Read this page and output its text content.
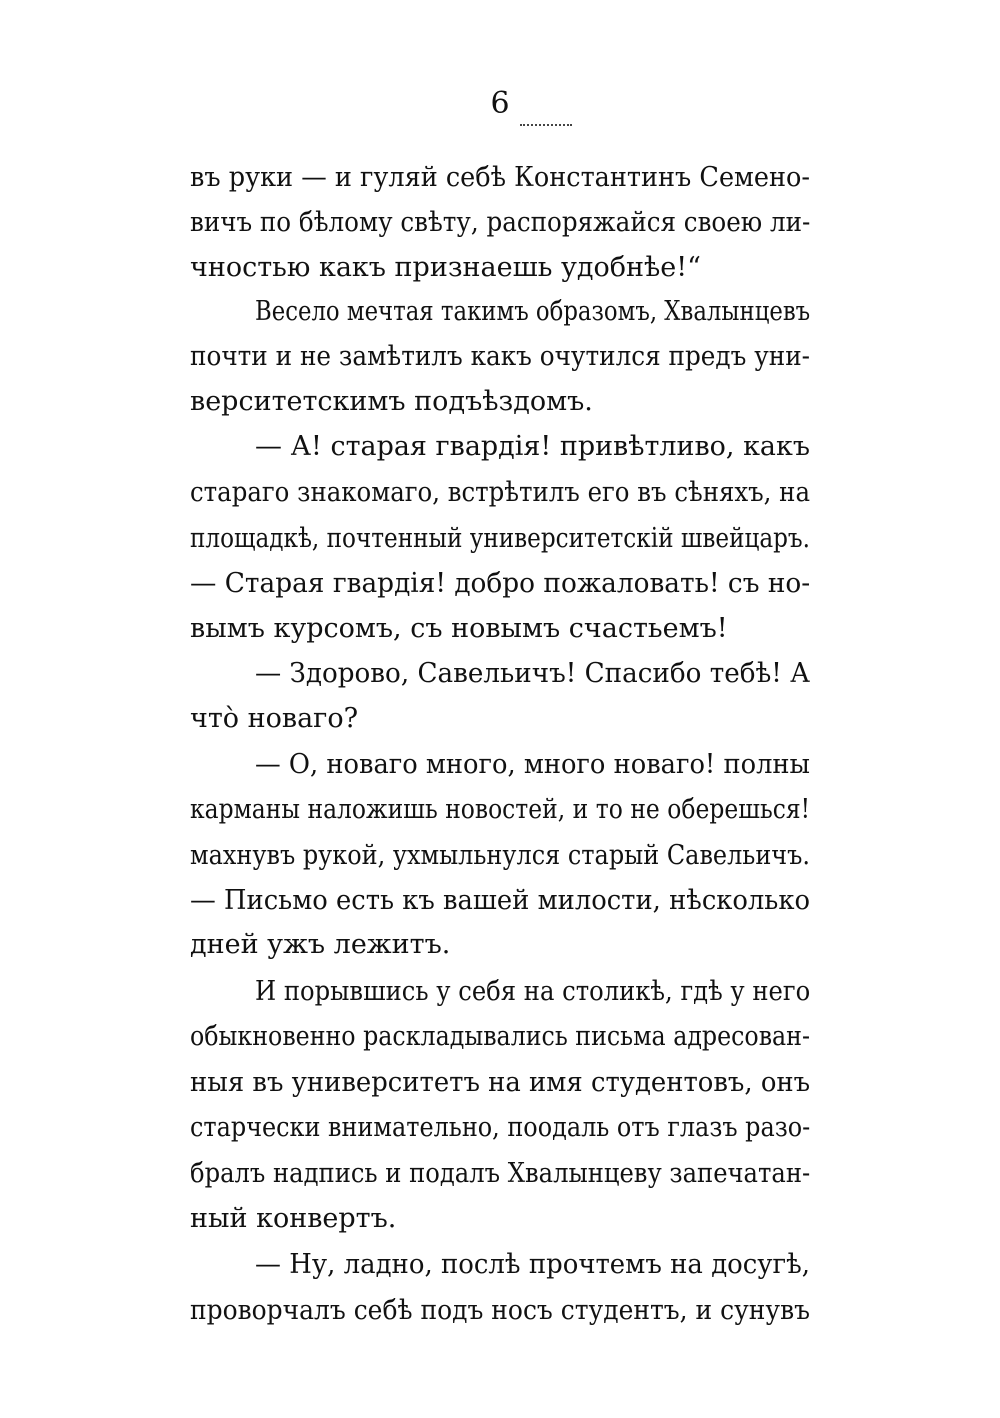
6
въ руки — и гуляй себѣ Константинъ Семено-
вичъ по бѣлому свѣту, распоряжайся своею ли-
чностью какъ признаешь удобнѣе!“
Весело мечтая такимъ образомъ, Хвалынцевъ
почти и не замѣтилъ какъ очутился предъ уни-
верситетскимъ подъѣздомъ.
— А! старая гвардія! привѣтливо, какъ
стараго знакомаго, встрѣтилъ его въ сѣняхъ, на
площадкѣ, почтенный университетскій швейцаръ.
— Старая гвардія! добро пожаловать! съ но-
вымъ курсомъ, съ новымъ счастьемъ!
— Здорово, Савельичъ! Спасибо тебѣ! А
что̀ новаго?
— О, новаго много, много новаго! полны
карманы наложишь новостей, и то не оберешься!
махнувъ рукой, ухмыльнулся старый Савельичъ.
— Письмо есть къ вашей милости, нѣсколько
дней ужъ лежитъ.
И порывшись у себя на столикѣ, гдѣ у него
обыкновенно раскладывались письма адресован-
ныя въ университетъ на имя студентовъ, онъ
старчески внимательно, поодаль отъ глазъ разо-
бралъ надпись и подалъ Хвалынцеву запечатан-
ный конвертъ.
— Ну, ладно, послѣ прочтемъ на досугѣ,
проворчалъ себѣ подъ носъ студентъ, и сунувъ
